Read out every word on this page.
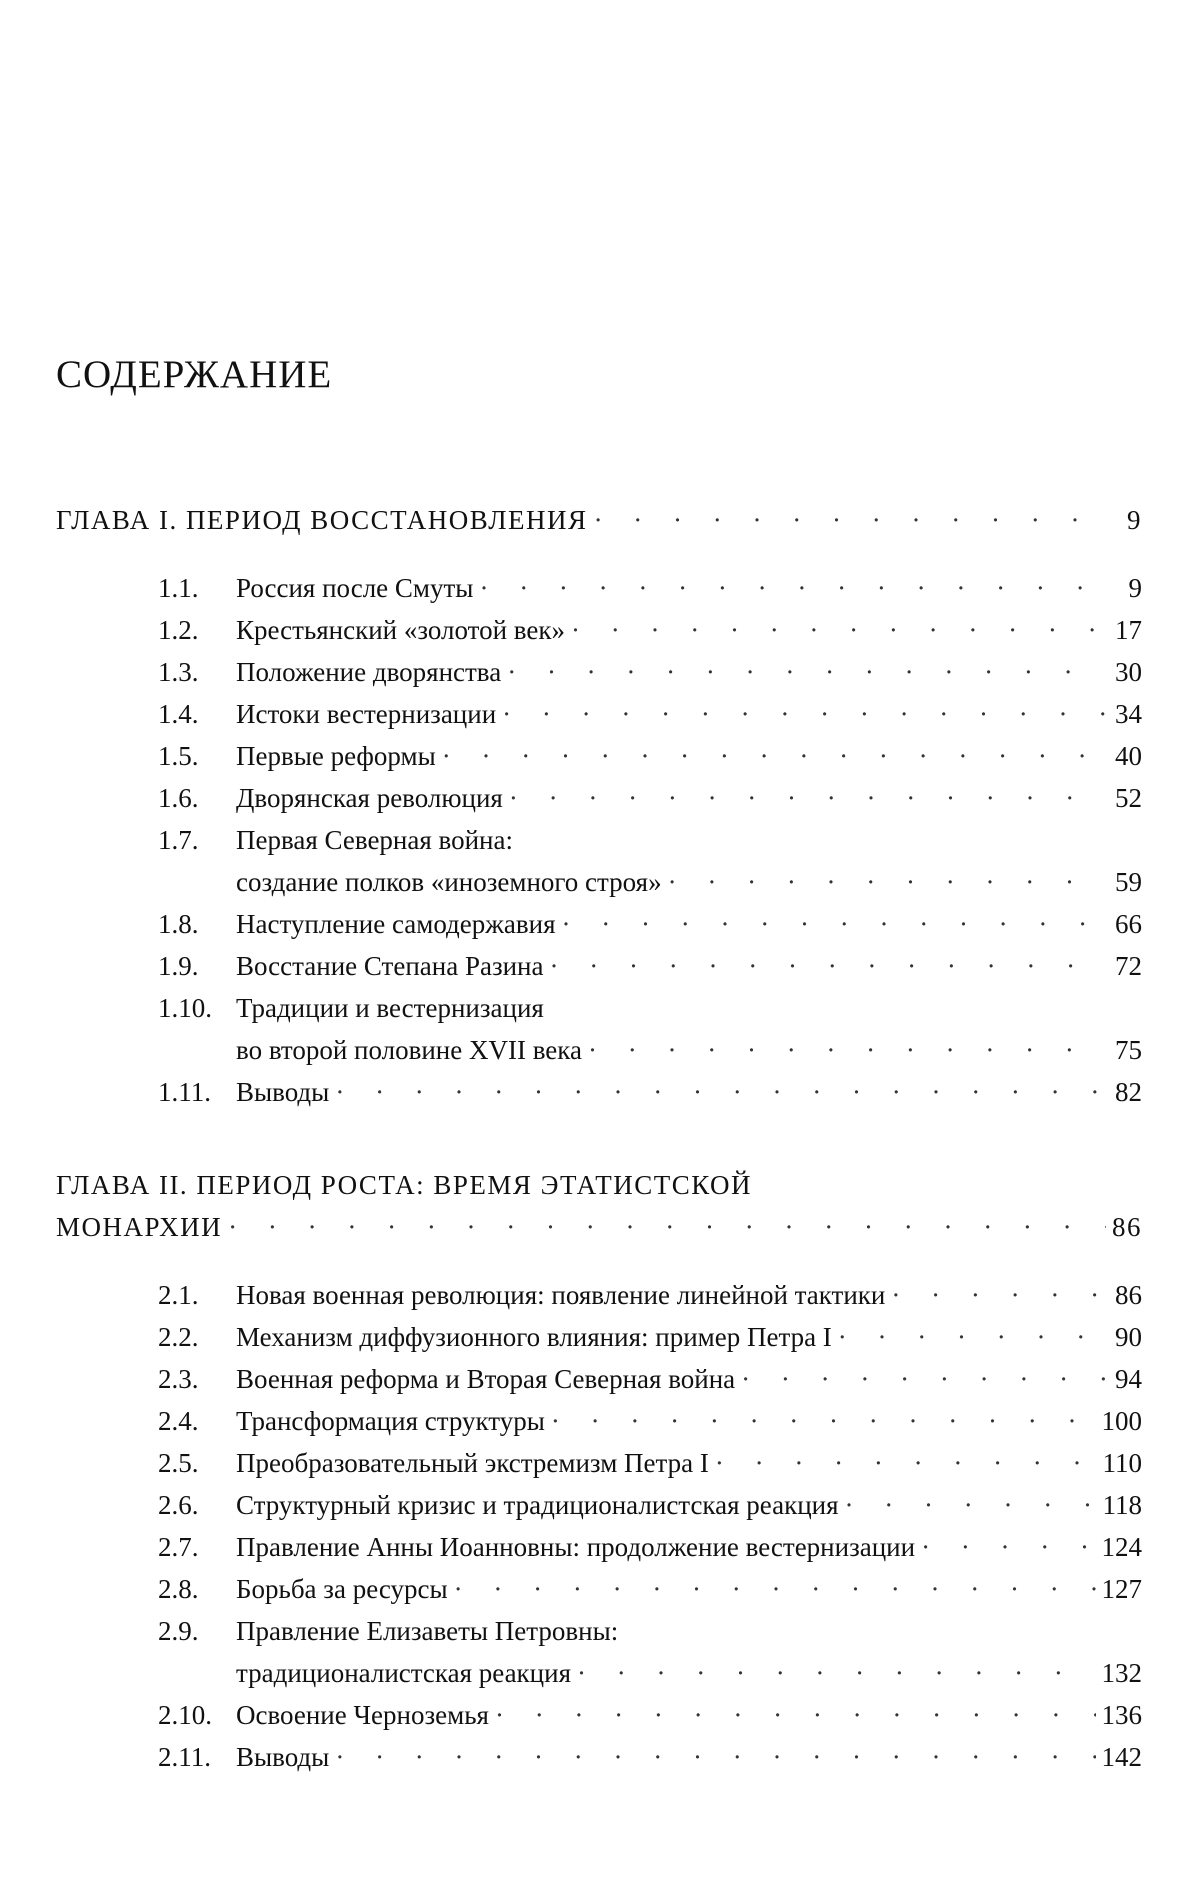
СОДЕРЖАНИЕ
ГЛАВА I. ПЕРИОД ВОССТАНОВЛЕНИЯ · · ·	9
1.1.	Россия после Смуты · · ·	9
1.2.	Крестьянский «золотой век» · · ·	17
1.3.	Положение дворянства · · ·	30
1.4.	Истоки вестернизации · · ·	34
1.5.	Первые реформы · · ·	40
1.6.	Дворянская революция · · ·	52
1.7. Первая Северная война:
создание полков «иноземного строя» · · ·	59
1.8.	Наступление самодержавия · · ·	66
1.9.	Восстание Степана Разина · · ·	72
1.10. Традиции и вестернизация
во второй половине XVII века · · ·	75
1.11. Выводы · · ·	82
ГЛАВА II. ПЕРИОД РОСТА: ВРЕМЯ ЭТАТИСТСКОЙ
МОНАРХИИ · · ·	86
2.1.	Новая военная революция: появление линейной тактики · · ·	86
2.2.	Механизм диффузионного влияния: пример Петра I · · ·	90
2.3.	Военная реформа и Вторая Северная война · · ·	94
2.4.	Трансформация структуры · · ·	100
2.5.	Преобразовательный экстремизм Петра I · · ·	110
2.6.	Структурный кризис и традиционалистская реакция · · ·	118
2.7.	Правление Анны Иоанновны: продолжение вестернизации · · ·	124
2.8.	Борьба за ресурсы · · ·	127
2.9. Правление Елизаветы Петровны:
традиционалистская реакция · · ·	132
2.10. Освоение Черноземья · · ·	136
2.11. Выводы · · ·	142
